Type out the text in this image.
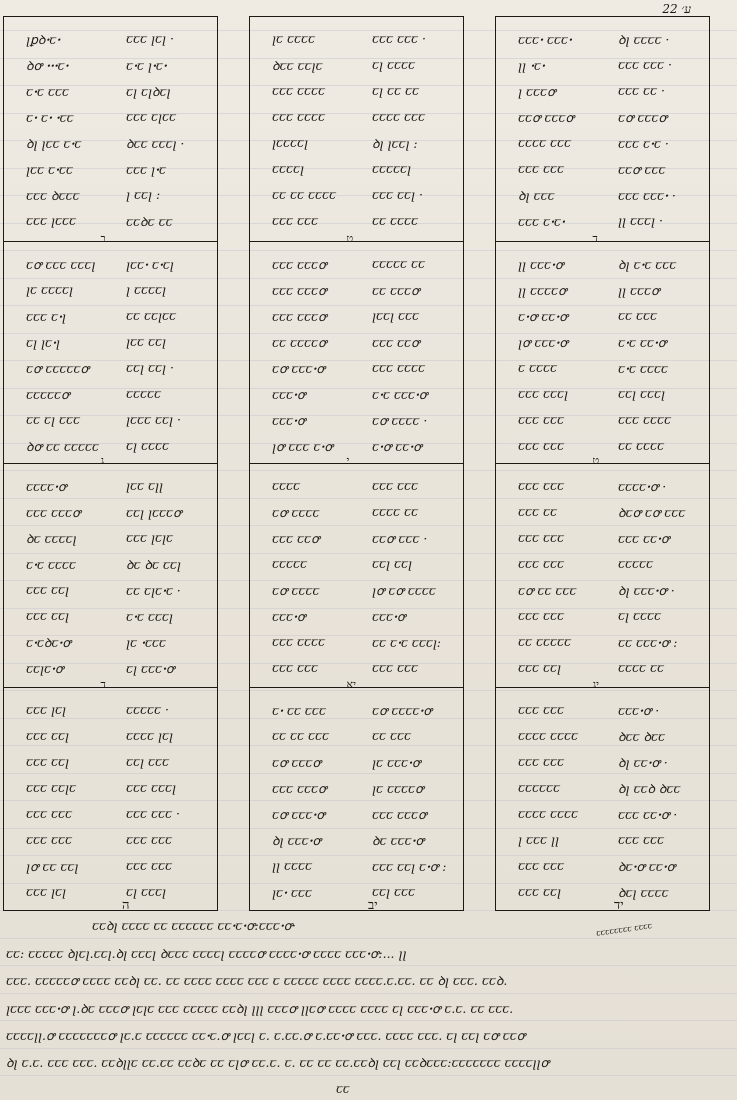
ע׳ 22
ꞁꝑꝺꞏꞇꞏ	ꞇꞇꞇ ꞁꞇꞁ ·
ꝺꝍ ꞏꞏꞏꞇꞏ	ꞇꞏꞇ ꞁꞏꞇꞏ
ꞇꞏꞇ ꞇꞇꞇ	ꞇꞁ ꞇꞁꝺꞇꞁ
ꞇꞏ ꞇꞏ ꞏꞇꞇ	ꞇꞇꞇ ꞇꞁꞇꞇ
ꝺꞁ ꞁꞇꞇ ꞇꞏꞇ	ꝺꞇꞇ ꞇꞇꞇꞁ ·
ꞁꞇꞇ ꞇꞏꞇꞇ	ꞇꞇꞇ ꞁꞏꞇ
ꞇꞇꞇ ꝺꞇꞇꞇ	ꞁ ꞇꞇꞁ :
ꞇꞇꞇ ꞁꞇꞇꞇ	ꞇꞇꝺꞇ ꞇꞇ
ב
ꞇꝍ ꞇꞇꞇ ꞇꞇꞇꞁ ꞁꞇꞇꞏ ꞇꞏꞇꞁ
ꞁꞇ ꞇꞇꞇꞇꞁ	ꞁ ꞇꞇꞇꞇꞁ
ꞇꞇꞇ ꞇꞏꞁ	ꞇꞇ ꞇꞇꞁꞇꞇ
ꞇꞁ ꞁꞇꞏꞁ	ꞁꞇꞇ ꞇꞇꞁ
ꞇꝍ ꞇꞇꞇꞇꞇꝍ	ꞇꞇꞁ ꞇꞇꞁ ·
ꞇꞇꞇꞇꞇꝍ	ꞇꞇꞇꞇꞇ
ꞇꞇ ꞇꞁ ꞇꞇꞇ	ꞁꞇꞇꞇ ꞇꞇꞁ ·
ꝺꝍ ꞇꞇ ꞇꞇꞇꞇꞇ ꞇꞁ ꞇꞇꞇꞇ
ג
ꞇꞇꞇꞇꞏꝍ	ꞁꞇꞇ ꞇꞁꞁ
ꞇꞇꞇ ꞇꞇꞇꝍ	ꞇꞇꞁ ꞁꞇꞇꞇꝍ
ꝺꞇ ꞇꞇꞇꞇꞁ	ꞇꞇꞇ ꞁꞇꞁꞇ
ꞇꞏꞇ ꞇꞇꞇꞇ	ꝺꞇ ꝺꞇ ꞇꞇꞁ
ꞇꞇꞇ ꞇꞇꞁ	ꞇꞇ ꞇꞁꞇꞏꞇ ·
ꞇꞇꞇ ꞇꞇꞁ	ꞇꞏꞇ ꞇꞇꞇꞁ
ꞇꞏꞇꝺꞇꞏꝍ	ꞁꞇ ꞏꞇꞇꞇ
ꞇꞇꞁꞇꞏꝍ	ꞇꞁ ꞇꞇꞇꞏꝍ
ד
ꞇꞇꞇ ꞁꞇꞁ	ꞇꞇꞇꞇꞇ ·
ꞇꞇꞇ ꞇꞇꞁ	ꞇꞇꞇꞇ ꞁꞇꞁ
ꞇꞇꞇ ꞇꞇꞁ	ꞇꞇꞁ ꞇꞇꞇ
ꞇꞇꞇ ꞇꞇꞁꞇ	ꞇꞇꞇ ꞇꞇꞇꞁ
ꞇꞇꞇ ꞇꞇꞇ	ꞇꞇꞇ ꞇꞇꞇ ·
ꞇꞇꞇ ꞇꞇꞇ	ꞇꞇꞇ ꞇꞇꞇ
ꞁꝍ ꞇꞇ ꞇꞇꞁ	ꞇꞇꞇ ꞇꞇꞇ
ꞇꞇꞇ ꞁꞇꞁ	ꞇꞁ ꞇꞇꞇꞁ
ה
ꞁꞇ ꞇꞇꞇꞇ	ꞇꞇꞇ ꞇꞇꞇ ·
ꝺꞇꞇ ꞇꞇꞁꞇ	ꞇꞁ ꞇꞇꞇꞇ
ꞇꞇꞇ ꞇꞇꞇꞇ	ꞇꞁ ꞇꞇ ꞇꞇ
ꞇꞇꞇ ꞇꞇꞇꞇ	ꞇꞇꞇꞇ ꞇꞇꞇ
ꞁꞇꞇꞇꞇꞁ	ꝺꞁ ꞁꞇꞇꞁ :
ꞇꞇꞇꞇꞁ	ꞇꞇꞇꞇꞇꞁ
ꞇꞇ ꞇꞇ ꞇꞇꞇꞇ	ꞇꞇꞇ ꞇꞇꞁ ·
ꞇꞇꞇ ꞇꞇꞇ	ꞇꞇ ꞇꞇꞇꞇ
ט
ꞇꞇꞇ ꞇꞇꞇꝍ	ꞇꞇꞇꞇꞇ ꞇꞇ
ꞇꞇꞇ ꞇꞇꞇꝍ	ꞇꞇ ꞇꞇꞇꝍ
ꞇꞇꞇ ꞇꞇꞇꝍ	ꞁꞇꞇꞁ ꞇꞇꞇ
ꞇꞇ ꞇꞇꞇꞇꝍ	ꞇꞇꞇ ꞇꞇꝍ
ꞇꝍ ꞇꞇꞇꞏꝍ	ꞇꞇꞇ ꞇꞇꞇꞇ
ꞇꞇꞇꞏꝍ	ꞇꞏꞇ ꞇꞇꞇꞏꝍ
ꞇꞇꞇꞏꝍ	ꞇꝍ ꞇꞇꞇꞇ ·
ꞁꝍ ꞇꞇꞇ ꞇꞏꝍ	ꞇꞏꝍ ꞇꞇꞏꝍ
י
ꞇꞇꞇꞇ	ꞇꞇꞇ ꞇꞇꞇ
ꞇꝍ ꞇꞇꞇꞇ	ꞇꞇꞇꞇ ꞇꞇ
ꞇꞇꞇ ꞇꞇꝍ	ꞇꞇꝍ ꞇꞇꞇ ·
ꞇꞇꞇꞇꞇ	ꞇꞇꞁ ꞇꞇꞁ
ꞇꝍ ꞇꞇꞇꞇ	ꞁꝍ ꞇꝍ ꞇꞇꞇꞇ
ꞇꞇꞇꞏꝍ	ꞇꞇꞇꞏꝍ
ꞇꞇꞇ ꞇꞇꞇꞇ	ꞇꞇ ꞇꞏꞇ ꞇꞇꞇꞁ:
ꞇꞇꞇ ꞇꞇꞇ	ꞇꞇꞇ ꞇꞇꞇ
יא
ꞇꞏ ꞇꞇ ꞇꞇꞇ	ꞇꝍ ꞇꞇꞇꞇꞏꝍ
ꞇꞇ ꞇꞇ ꞇꞇꞇ	ꞇꞇ ꞇꞇꞇ
ꞇꝍ ꞇꞇꞇꝍ	ꞁꞇ ꞇꞇꞇꞏꝍ
ꞇꞇꞇ ꞇꞇꞇꝍ	ꞁꞇ ꞇꞇꞇꞇꝍ
ꞇꝍ ꞇꞇꞇꞏꝍ	ꞇꞇꞇ ꞇꞇꞇꝍ
ꝺꞁ ꞇꞇꞇꞏꝍ	ꝺꞇ ꞇꞇꞇꞏꝍ
ꞁꞁ ꞇꞇꞇꞇ	ꞇꞇꞇ ꞇꞇꞁ ꞇꞏꝍ :
ꞁꞇꞏ ꞇꞇꞇ	ꞇꞇꞁ ꞇꞇꞇ
יב
ꞇꞇꞇꞏ ꞇꞇꞇꞏ	ꝺꞁ ꞇꞇꞇꞇ ·
ꞁꞁ ꞏꞇꞏ	ꞇꞇꞇ ꞇꞇꞇ ·
ꞁ ꞇꞇꞇꝍ	ꞇꞇꞇ ꞇꞇ ·
ꞇꞇꝍ ꞇꞇꞇꝍ	ꞇꝍ ꞇꞇꞇꝍ
ꞇꞇꞇꞇ ꞇꞇꞇ	ꞇꞇꞇ ꞇꞏꞇ ·
ꞇꞇꞇ ꞇꞇꞇ	ꞇꞇꝍ ꞇꞇꞇ
ꝺꞁ ꞇꞇꞇ	ꞇꞇꞇ ꞇꞇꞇꞏ ·
ꞇꞇꞇ ꞇꞏꞇꞏ	ꞁꞁ ꞇꞇꞇꞁ ·
ד
ꞁꞁ ꞇꞇꞇꞏꝍ	ꝺꞁ ꞇꞏꞇ ꞇꞇꞇ
ꞁꞁ ꞇꞇꞇꞇꝍ	ꞁꞁ ꞇꞇꞇꝍ
ꞇꞏꝍ ꞇꞇꞏꝍ	ꞇꞇ ꞇꞇꞇ
ꞁꝍ ꞇꞇꞇꞏꝍ	ꞇꞏꞇ ꞇꞇꞏꝍ
ꞇ ꞇꞇꞇꞇ	ꞇꞏꞇ ꞇꞇꞇꞇ
ꞇꞇꞇ ꞇꞇꞇꞁ	ꞇꞇꞁ ꞇꞇꞇꞁ
ꞇꞇꞇ ꞇꞇꞇ	ꞇꞇꞇ ꞇꞇꞇꞇ
ꞇꞇꞇ ꞇꞇꞇ	ꞇꞇ ꞇꞇꞇꞇ
ט
ꞇꞇꞇ ꞇꞇꞇ	ꞇꞇꞇꞇꞏꝍ ·
ꞇꞇꞇ ꞇꞇ	ꝺꞇꝍ ꞇꝍ ꞇꞇꞇ
ꞇꞇꞇ ꞇꞇꞇ	ꞇꞇꞇ ꞇꞇꞏꝍ
ꞇꞇꞇ ꞇꞇꞇ	ꞇꞇꞇꞇꞇ
ꞇꝍ ꞇꞇ ꞇꞇꞇ	ꝺꞁ ꞇꞇꞇꞏꝍ ·
ꞇꞇꞇ ꞇꞇꞇ	ꞇꞁ ꞇꞇꞇꞇ
ꞇꞇ ꞇꞇꞇꞇꞇ	ꞇꞇ ꞇꞇꞇꞏꝍ :
ꞇꞇꞇ ꞇꞇꞁ	ꞇꞇꞇꞇ ꞇꞇ
יג
ꞇꞇꞇ ꞇꞇꞇ	ꞇꞇꞇꞏꝍ ·
ꞇꞇꞇꞇ ꞇꞇꞇꞇ	ꝺꞇꞇ ꝺꞇꞇ
ꞇꞇꞇ ꞇꞇꞇ	ꝺꞁ ꞇꞇꞏꝍ ·
ꞇꞇꞇꞇꞇꞇ	ꝺꞁ ꞇꞇꝺ ꝺꞇꞇ
ꞇꞇꞇꞇ ꞇꞇꞇꞇ	ꞇꞇꞇ ꞇꞇꞏꝍ ·
ꞁ ꞇꞇꞇ ꞁꞁ	ꞇꞇꞇ ꞇꞇꞇ
ꞇꞇꞇ ꞇꞇꞇ	ꝺꞇꞏꝍ ꞇꞇꞏꝍ
ꞇꞇꞇ ꞇꞇꞁ	ꝺꞇꞁ ꞇꞇꞇꞇ
יד
ꞇꞇꝺꞁ ꞇꞇꞇꞇ ꞇꞇ ꞇꞇꞇꞇꞇꞇ ꞇꞇꞏꞇꞏꝍ:ꞇꞇꞇꞏꝍ·
ꞇꞇ: ꞇꞇꞇꞇꞇ ꝺꞁꞇꞁ.ꞇꞇꞁ.ꝺꞁ ꞇꞇꞇꞁ ꝺꞇꞇꞇ ꞇꞇꞇꞇꞁ ꞇꞇꞇꞇꝍ ꞇꞇꞇꞇꞏꝍ ꞇꞇꞇꞇ ꞇꞇꞇꞏꝍ:... ꞁꞁ
ꞇꞇꞇ. ꞇꞇꞇꞇꞇꝍ ꞇꞇꞇꞇ ꞇꞇꝺꞁ ꞇꞇ. ꞇꞇ ꞇꞇꞇꞇ ꞇꞇꞇꞇ ꞇꞇꞇ ꞇ ꞇꞇꞇꞇꞇ ꞇꞇꞇꞇ ꞇꞇꞇꞇ.ꞇ.ꞇꞇ. ꞇꞇ ꝺꞁ ꞇꞇꞇ. ꞇꞇꝺ.
ꞁꞇꞇꞇ ꞇꞇꞇꞏꝍ ꞁ.ꝺꞇ ꞇꞇꞇꝍ ꞁꞇꞁꞇ ꞇꞇꞇ ꞇꞇꞇꞇꞇ ꞇꞇꝺꞁ ꞁꞁꞁ ꞇꞇꞇꝍ ꞁꞁꞇꝍ ꞇꞇꞇꞇ ꞇꞇꞇꞇ ꞇꞁ ꞇꞇꞇꞏꝍ ꞇ.ꞇ. ꞇꞇ ꞇꞇꞇ.
ꞇꞇꞇꞇꞁꞁ.ꝍ ꞇꞇꞇꞇꞇꞇꞇꝍ ꞁꞇ.ꞇ ꞇꞇꞇꞇꞇꞇ ꞇꞇꞏꞇ.ꝍ ꞁꞇꞇꞁ ꞇ. ꞇ.ꞇꞇ.ꝍ ꞇ.ꞇꞇꞏꝍ ꞇꞇꞇ. ꞇꞇꞇꞇ ꞇꞇꞇ. ꞇꞁ ꞇꞇꞁ ꞇꝍ ꞇꞇꝍ
ꝺꞁ ꞇ.ꞇ. ꞇꞇꞇ ꞇꞇꞇ. ꞇꞇꝺꞁꞁꞇ ꞇꞇ.ꞇꞇ ꞇꞇꝺꞇ ꞇꞇ ꞇꞁꝍ ꞇꞇ.ꞇ. ꞇ. ꞇꞇ ꞇꞇ ꞇꞇ.ꞇꞇꝺꞁ ꞇꞇꞁ ꞇꞇꝺꞇꞇꞇ:ꞇꞇꞇꞇꞇꞇꞇ ꞇꞇꞇꞇꞁꞁꝍ
ꞇꞇꞇꞇꞇꞇꞇꞇ ꞇꞇꞇꞇ
ꞇꞇ
